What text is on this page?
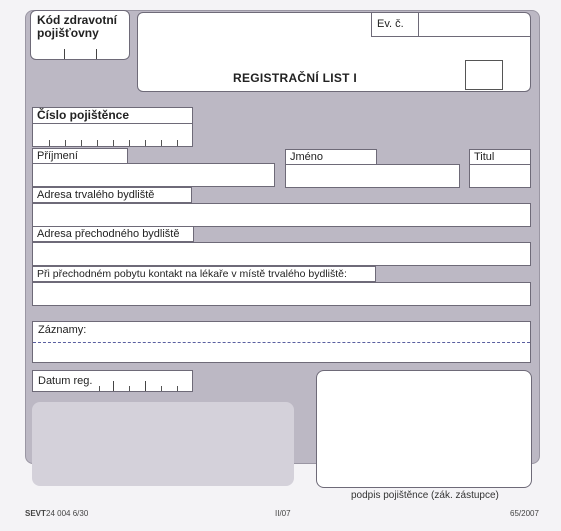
Kód zdravotní pojišťovny
Ev. č.
REGISTRAČNÍ LIST I
Číslo pojištěnce
Příjmení	Jméno	Titul
Adresa trvalého bydliště
Adresa přechodného bydliště
Při přechodném pobytu kontakt na lékaře v místě trvalého bydliště:
Záznamy:
Datum reg.
podpis pojištěnce (zák. zástupce)
SEVT 24 004 6/30	II/07	65/2007
